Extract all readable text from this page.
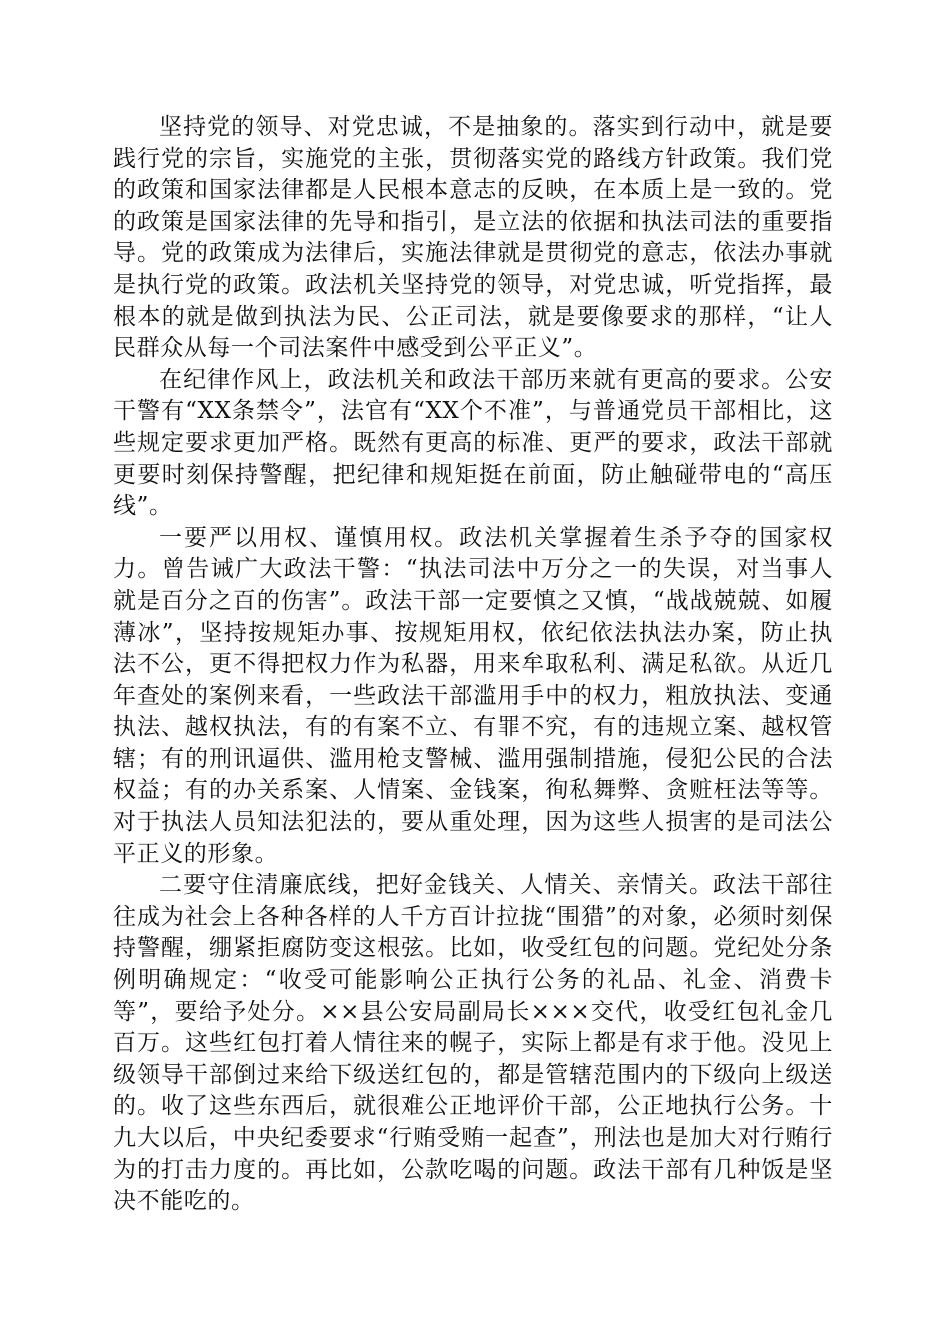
坚持党的领导、对党忠诚，不是抽象的。落实到行动中，就是要践行党的宗旨，实施党的主张，贯彻落实党的路线方针政策。我们党的政策和国家法律都是人民根本意志的反映，在本质上是一致的。党的政策是国家法律的先导和指引，是立法的依据和执法司法的重要指导。党的政策成为法律后，实施法律就是贯彻党的意志，依法办事就是执行党的政策。政法机关坚持党的领导，对党忠诚，听党指挥，最根本的就是做到执法为民、公正司法，就是要像要求的那样，“让人民群众从每一个司法案件中感受到公平正义”。

在纪律作风上，政法机关和政法干部历来就有更高的要求。公安干警有“XX条禁令”，法官有“XX个不准”，与普通党员干部相比，这些规定要求更加严格。既然有更高的标准、更严的要求，政法干部就更要时刻保持警醒，把纪律和规矩挺在前面，防止触碰带电的“高压线”。

一要严以用权、谨慎用权。政法机关掌握着生杀予夺的国家权力。曾告诫广大政法干警：“执法司法中万分之一的失误，对当事人就是百分之百的伤害”。政法干部一定要慎之又慎，“战战兢兢、如履薄冰”，坚持按规矩办事、按规矩用权，依纪依法执法办案，防止执法不公，更不得把权力作为私器，用来牟取私利、满足私欲。从近几年查处的案例来看，一些政法干部滥用手中的权力，粗放执法、变通执法、越权执法，有的有案不立、有罪不究，有的违规立案、越权管辖；有的刑讯逼供、滥用枪支警械、滥用强制措施，侵犯公民的合法权益；有的办关系案、人情案、金钱案，徇私舞弊、贪赃枉法等等。对于执法人员知法犯法的，要从重处理，因为这些人损害的是司法公平正义的形象。

二要守住清廉底线，把好金钱关、人情关、亲情关。政法干部往往成为社会上各种各样的人千方百计拉拢“围猎”的对象，必须时刻保持警醒，绷紧拒腐防变这根弦。比如，收受红包的问题。党纪处分条例明确规定：“收受可能影响公正执行公务的礼品、礼金、消费卡等”，要给予处分。××县公安局副局长×××交代，收受红包礼金几百万。这些红包打着人情往来的幌子，实际上都是有求于他。没见上级领导干部倒过来给下级送红包的，都是管辖范围内的下级向上级送的。收了这些东西后，就很难公正地评价干部，公正地执行公务。十九大以后，中央纪委要求“行贿受贿一起查”，刑法也是加大对行贿行为的打击力度的。再比如，公款吃喝的问题。政法干部有几种饭是坚决不能吃的。
